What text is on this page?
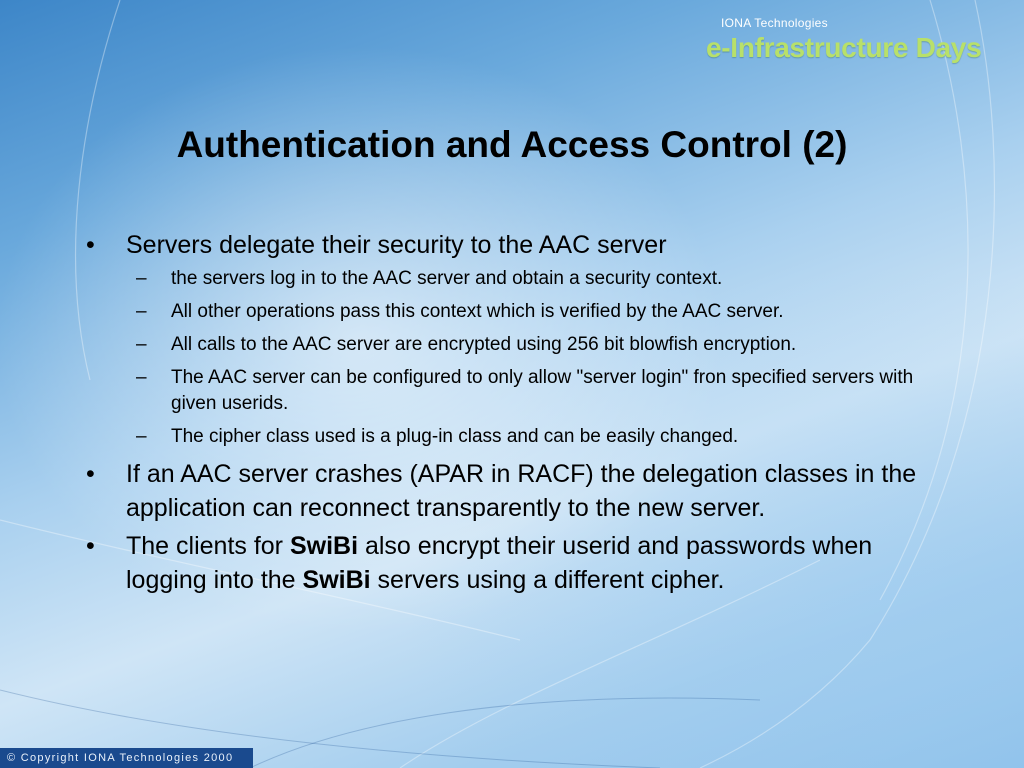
IONA Technologies
e-Infrastructure Days
Authentication and Access Control (2)
•	Servers delegate their security to the AAC server
–	the servers log in to the AAC server and obtain a security context.
–	All other operations pass this context which is verified by the AAC server.
–	All calls to the AAC server are encrypted using 256 bit blowfish encryption.
–	The AAC server can be configured to only allow "server login" fron specified servers with given userids.
–	The cipher class used is a plug-in class and can be easily changed.
•	If an AAC server crashes (APAR in RACF) the delegation classes in the application can reconnect transparently to the new server.
•	The clients for SwiBi also encrypt their userid and passwords when logging into the SwiBi servers using a different cipher.
© Copyright IONA Technologies 2000
